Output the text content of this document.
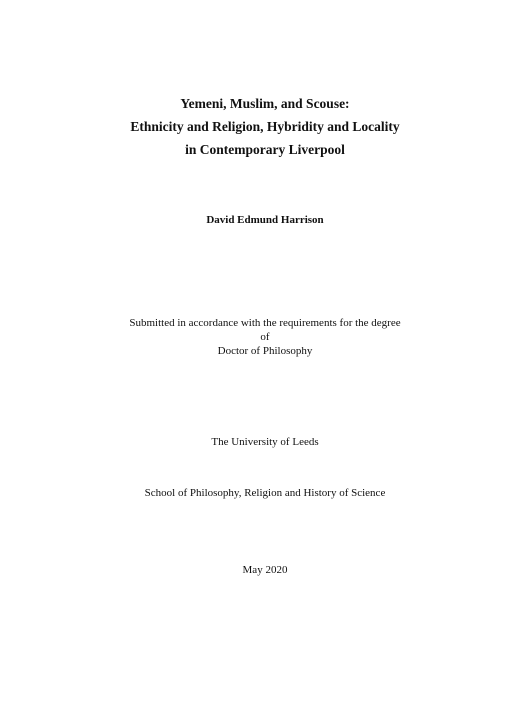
Yemeni, Muslim, and Scouse:
Ethnicity and Religion, Hybridity and Locality
in Contemporary Liverpool
David Edmund Harrison
Submitted in accordance with the requirements for the degree
of
Doctor of Philosophy
The University of Leeds
School of Philosophy, Religion and History of Science
May 2020
